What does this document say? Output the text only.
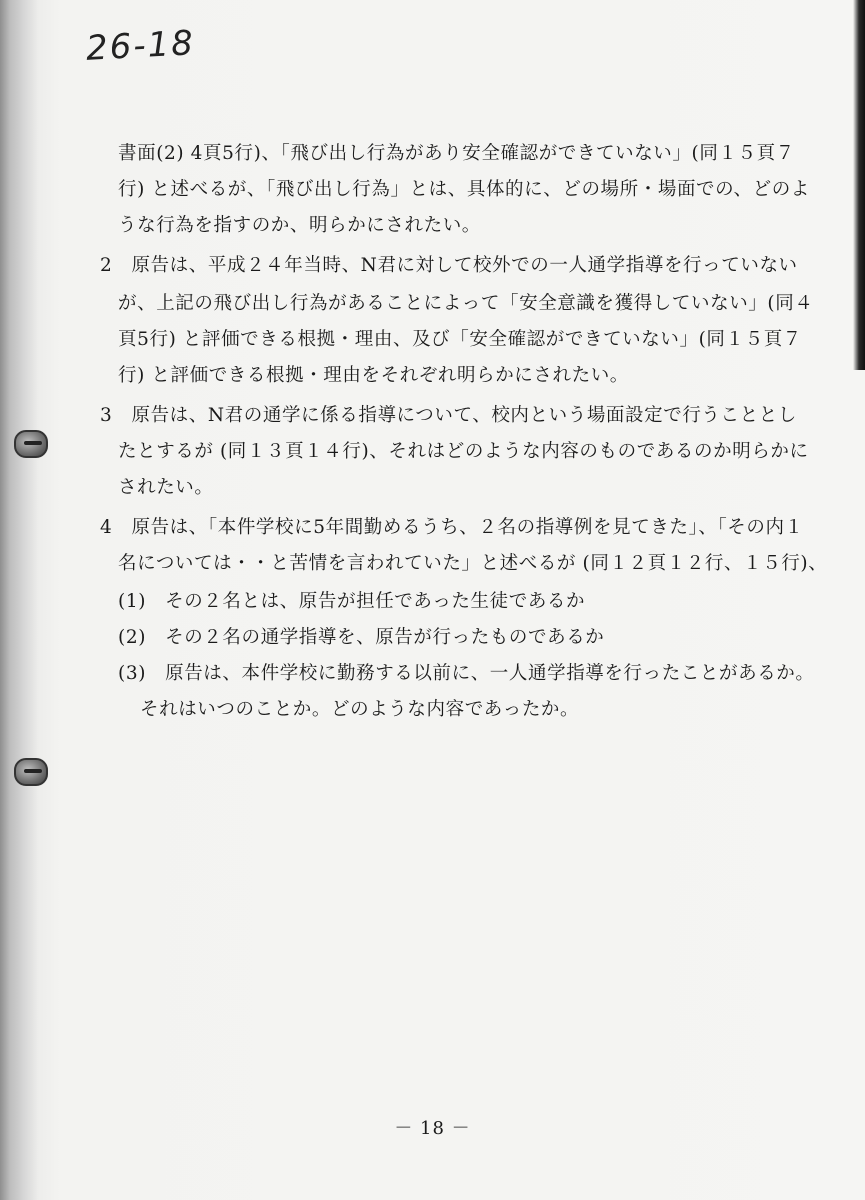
26-18
書面(2) 4頁5行)、「飛び出し行為があり安全確認ができていない」(同１５頁７
行) と述べるが、「飛び出し行為」とは、具体的に、どの場所・場面での、どのよ
うな行為を指すのか、明らかにされたい。
2　原告は、平成２４年当時、N君に対して校外での一人通学指導を行っていない
が、上記の飛び出し行為があることによって「安全意識を獲得していない」(同４
頁5行) と評価できる根拠・理由、及び「安全確認ができていない」(同１５頁７
行) と評価できる根拠・理由をそれぞれ明らかにされたい。
3　原告は、N君の通学に係る指導について、校内という場面設定で行うこととし
たとするが (同１３頁１４行)、それはどのような内容のものであるのか明らかに
されたい。
4　原告は、「本件学校に5年間勤めるうち、２名の指導例を見てきた」、「その内１
名については・・と苦情を言われていた」と述べるが (同１２頁１２行、１５行)、
(1)　その２名とは、原告が担任であった生徒であるか
(2)　その２名の通学指導を、原告が行ったものであるか
(3)　原告は、本件学校に勤務する以前に、一人通学指導を行ったことがあるか。
それはいつのことか。どのような内容であったか。
－ 18 －
